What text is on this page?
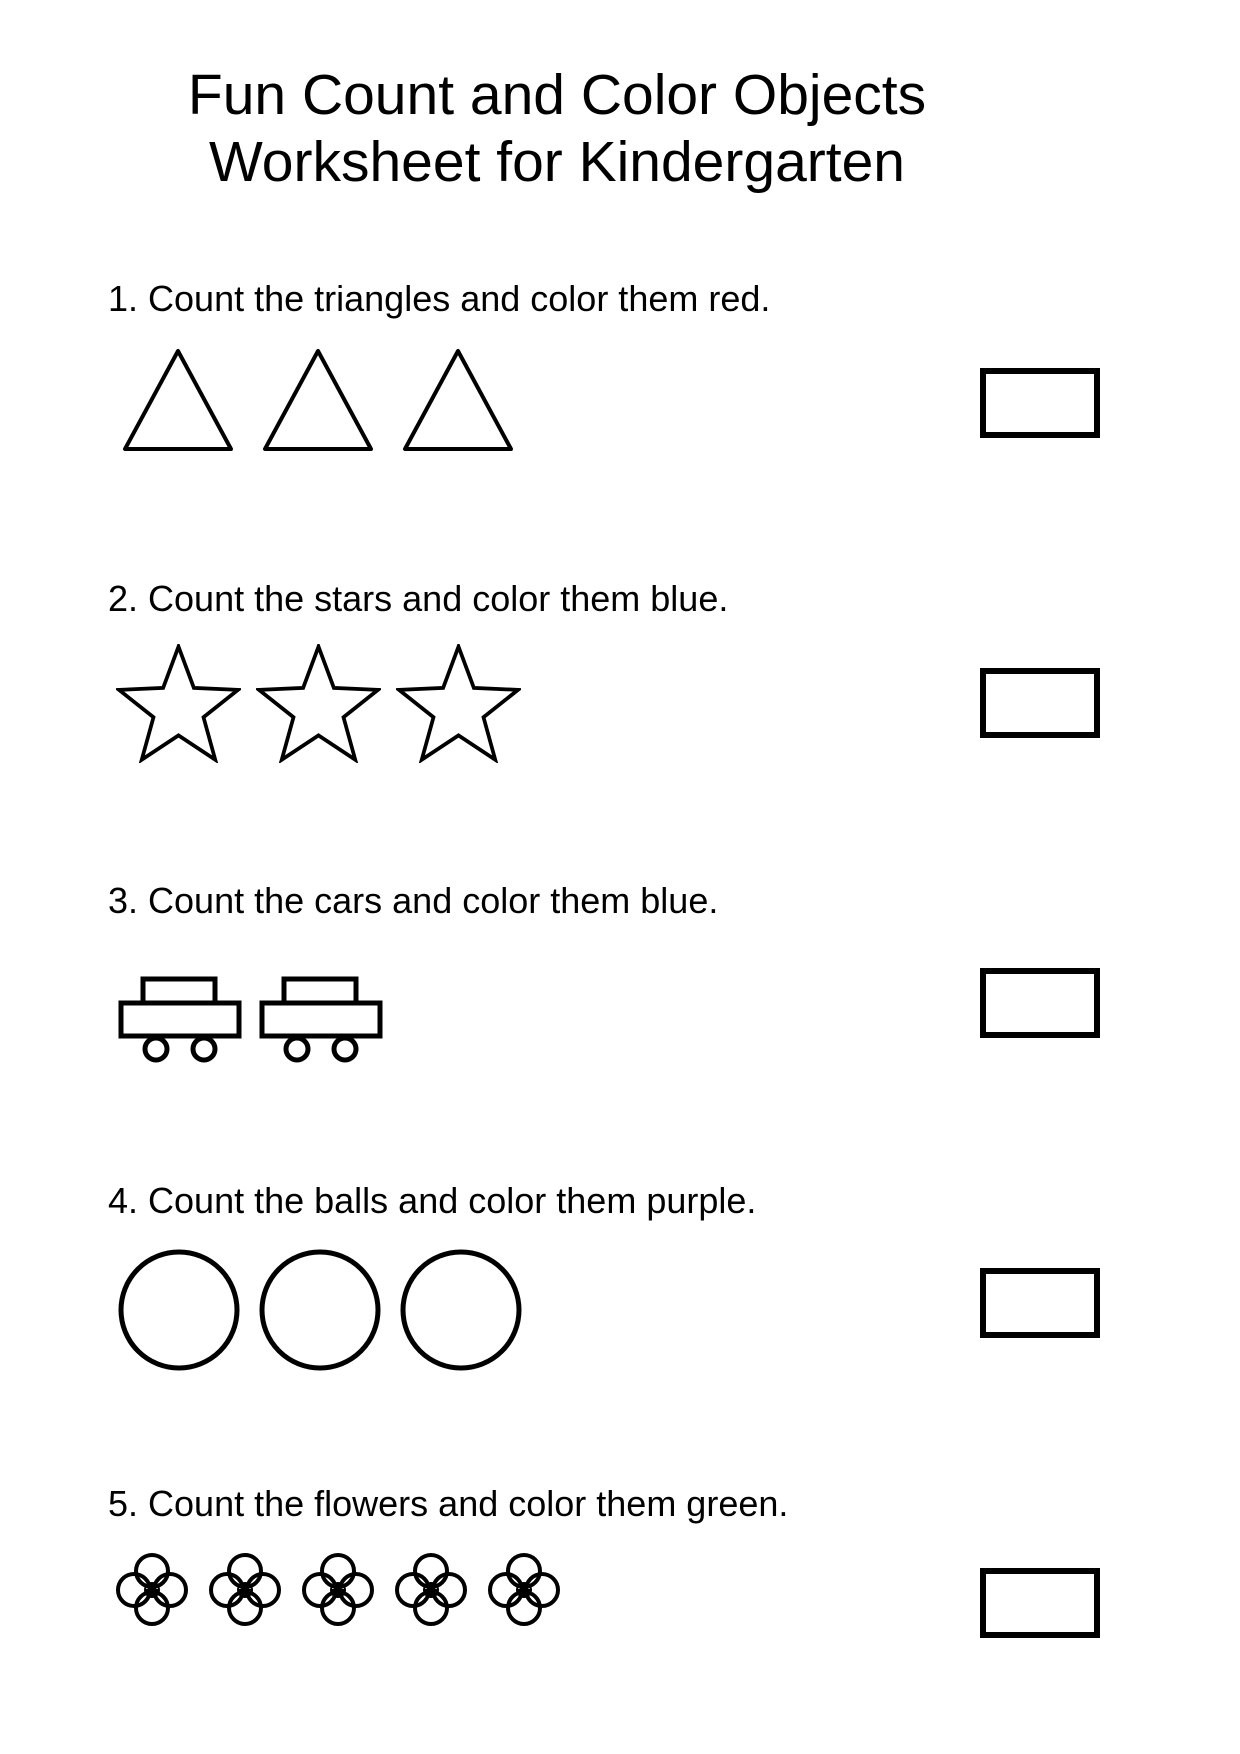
Fun Count and Color Objects
Worksheet for Kindergarten
1. Count the triangles and color them red.
2. Count the stars and color them blue.
3. Count the cars and color them blue.
4. Count the balls and color them purple.
5. Count the flowers and color them green.
